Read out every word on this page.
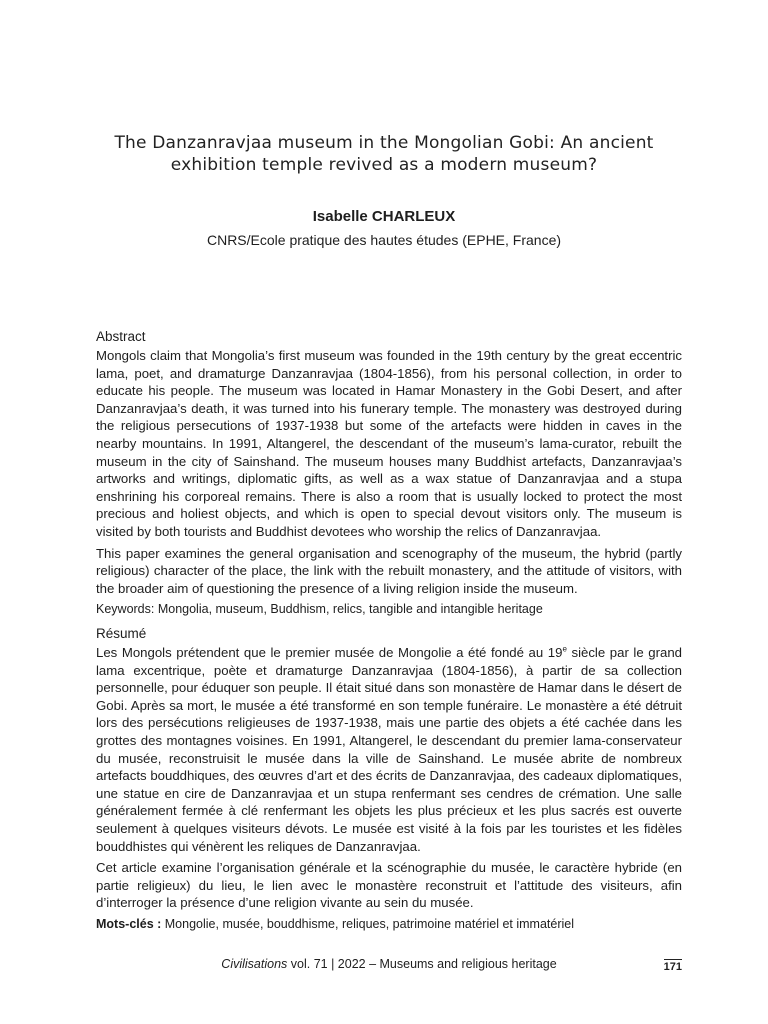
The Danzanravjaa museum in the Mongolian Gobi: An ancient
exhibition temple revived as a modern museum?
Isabelle CHARLEUX
CNRS/Ecole pratique des hautes études (EPHE, France)
Abstract

Mongols claim that Mongolia’s first museum was founded in the 19th century by the great eccentric lama, poet, and dramaturge Danzanravjaa (1804-1856), from his personal collection, in order to educate his people. The museum was located in Hamar Monastery in the Gobi Desert, and after Danzanravjaa’s death, it was turned into his funerary temple. The monastery was destroyed during the religious persecutions of 1937-1938 but some of the artefacts were hidden in caves in the nearby mountains. In 1991, Altangerel, the descendant of the museum’s lama-curator, rebuilt the museum in the city of Sainshand. The museum houses many Buddhist artefacts, Danzanravjaa’s artworks and writings, diplomatic gifts, as well as a wax statue of Danzanravjaa and a stupa enshrining his corporeal remains. There is also a room that is usually locked to protect the most precious and holiest objects, and which is open to special devout visitors only. The museum is visited by both tourists and Buddhist devotees who worship the relics of Danzanravjaa.

This paper examines the general organisation and scenography of the museum, the hybrid (partly religious) character of the place, the link with the rebuilt monastery, and the attitude of visitors, with the broader aim of questioning the presence of a living religion inside the museum.

Keywords: Mongolia, museum, Buddhism, relics, tangible and intangible heritage
Résumé

Les Mongols prétendent que le premier musée de Mongolie a été fondé au 19e siècle par le grand lama excentrique, poète et dramaturge Danzanravjaa (1804-1856), à partir de sa collection personnelle, pour éduquer son peuple. Il était situé dans son monastère de Hamar dans le désert de Gobi. Après sa mort, le musée a été transformé en son temple funéraire. Le monastère a été détruit lors des persécutions religieuses de 1937-1938, mais une partie des objets a été cachée dans les grottes des montagnes voisines. En 1991, Altangerel, le descendant du premier lama-conservateur du musée, reconstruisit le musée dans la ville de Sainshand. Le musée abrite de nombreux artefacts bouddhiques, des œuvres d’art et des écrits de Danzanravjaa, des cadeaux diplomatiques, une statue en cire de Danzanravjaa et un stupa renfermant ses cendres de crémation. Une salle généralement fermée à clé renfermant les objets les plus précieux et les plus sacrés est ouverte seulement à quelques visiteurs dévots. Le musée est visité à la fois par les touristes et les fidèles bouddhistes qui vénèrent les reliques de Danzanravjaa.

Cet article examine l’organisation générale et la scénographie du musée, le caractère hybride (en partie religieux) du lieu, le lien avec le monastère reconstruit et l’attitude des visiteurs, afin d’interroger la présence d’une religion vivante au sein du musée.

Mots-clés : Mongolie, musée, bouddhisme, reliques, patrimoine matériel et immatériel
Civilisations vol. 71 | 2022 – Museums and religious heritage	171
